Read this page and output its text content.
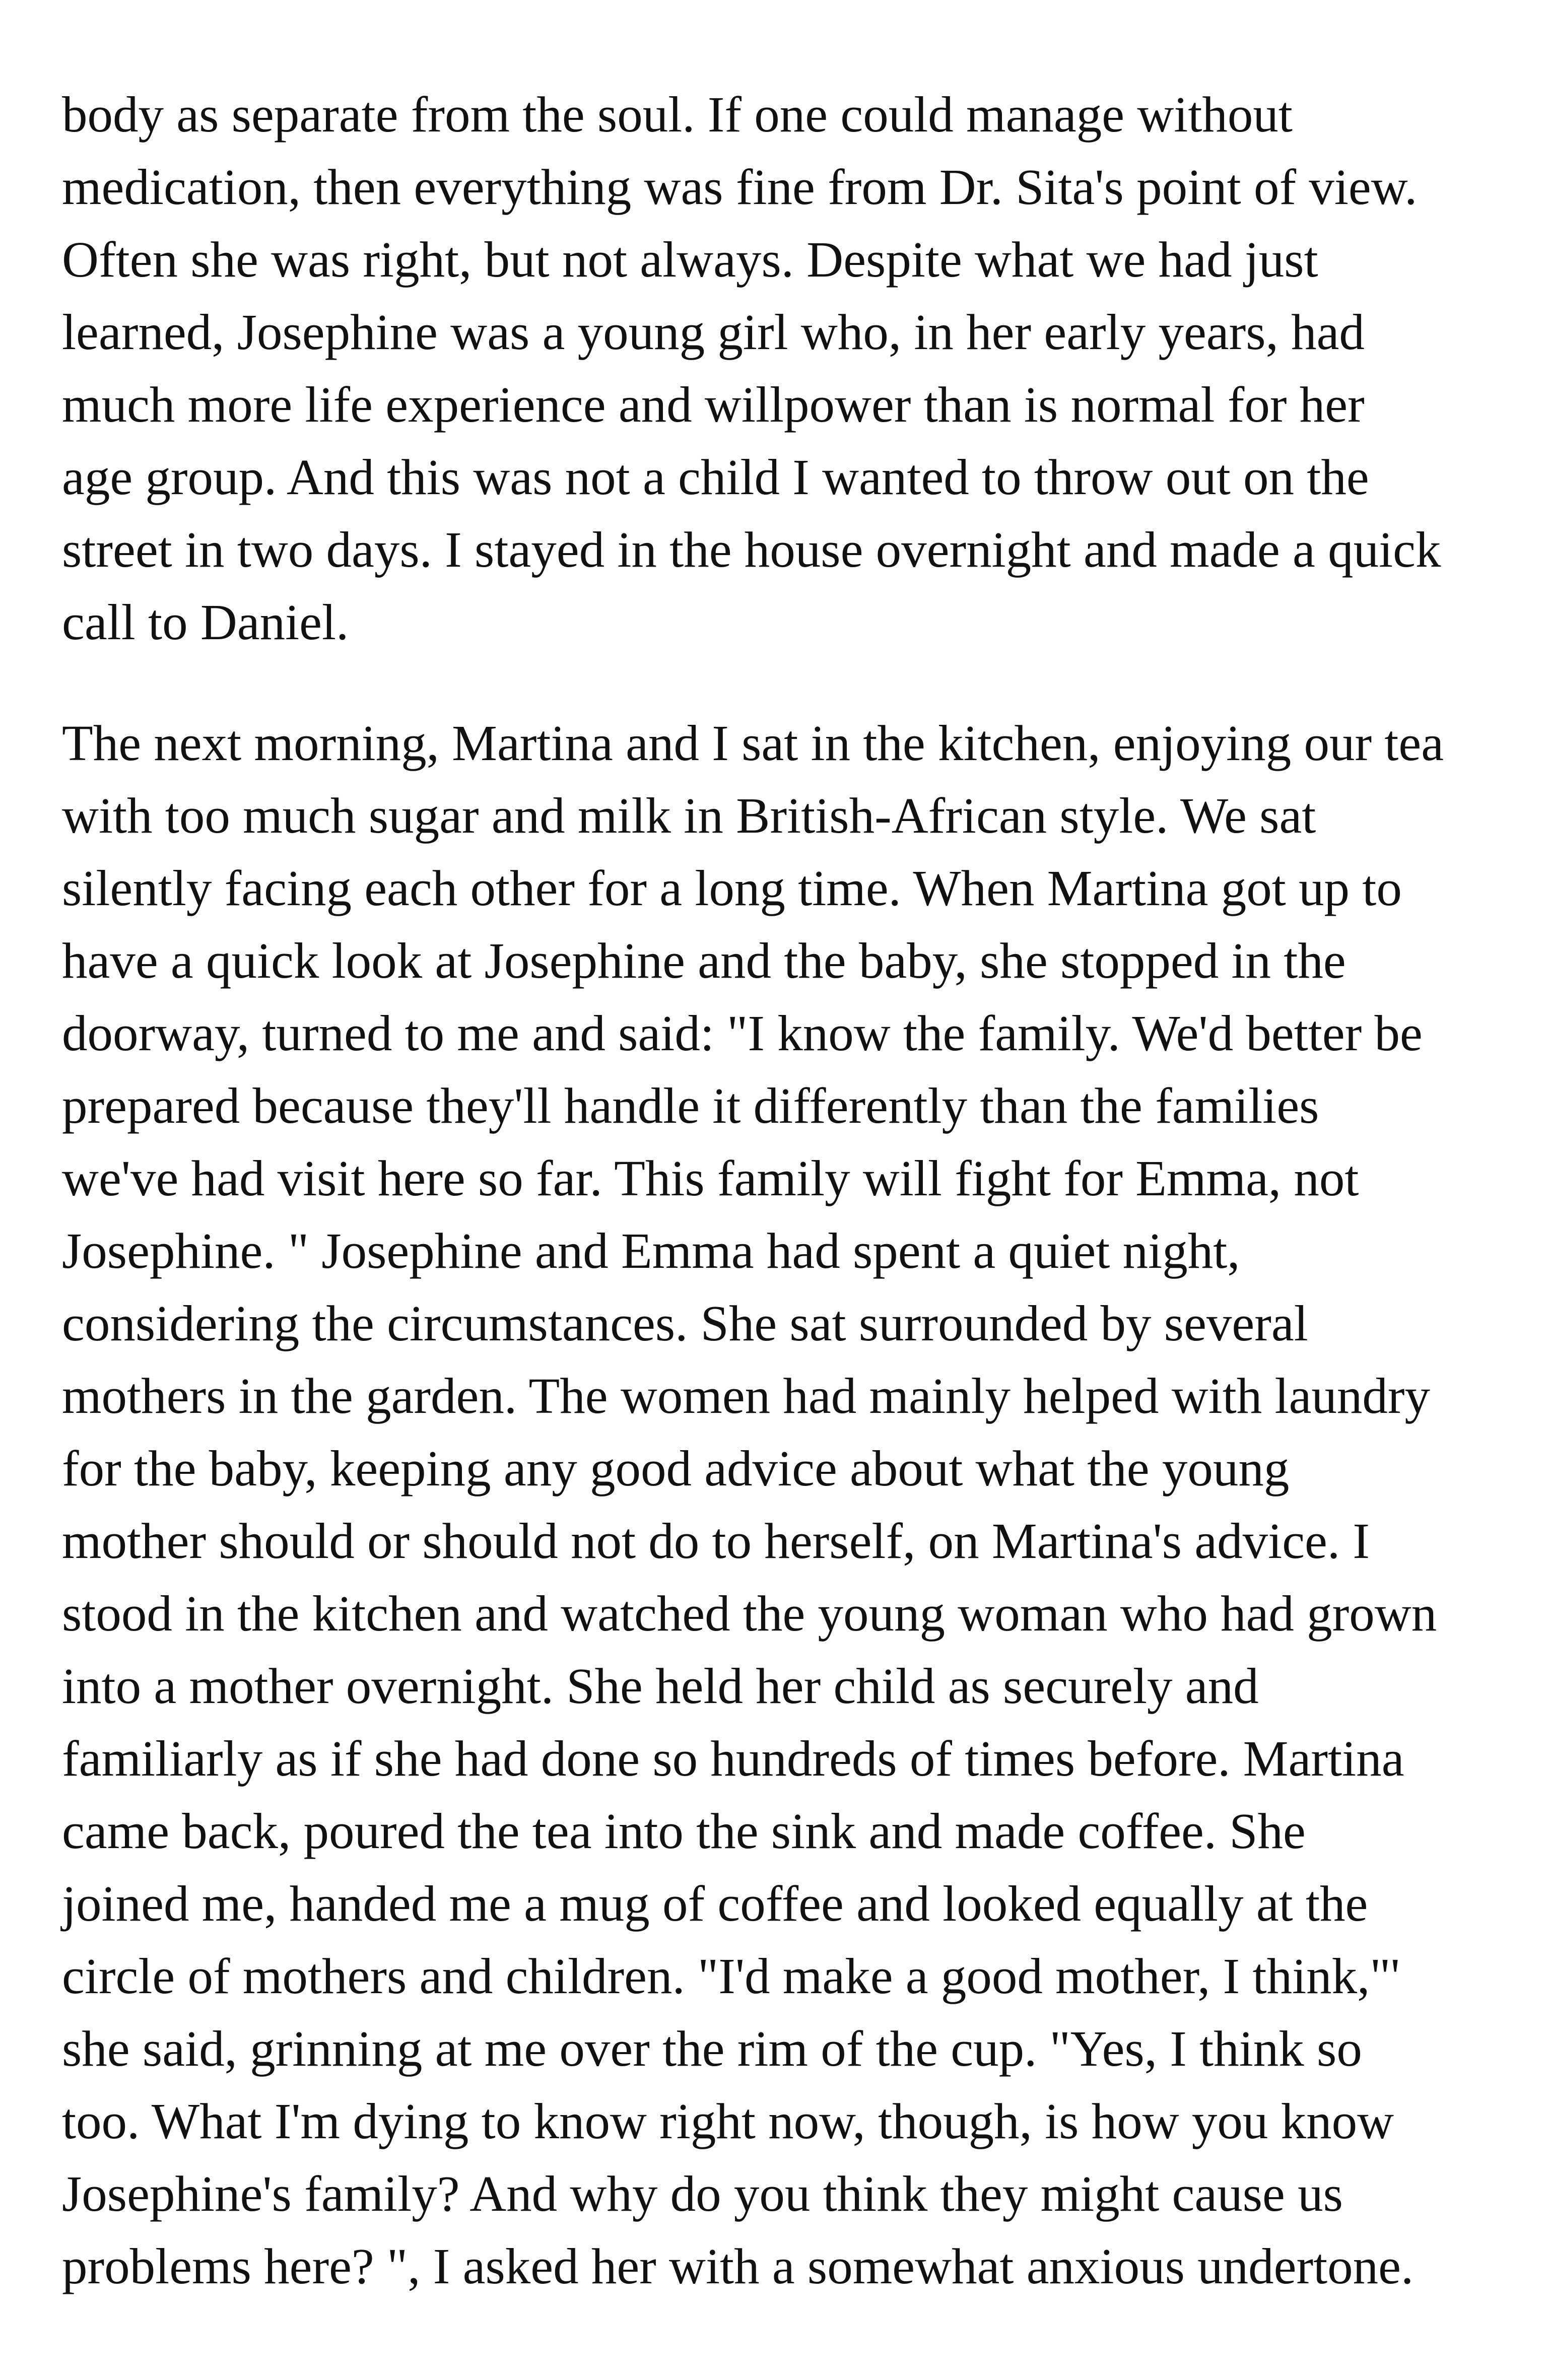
body as separate from the soul. If one could manage without
medication, then everything was fine from Dr. Sita's point of view.
Often she was right, but not always. Despite what we had just
learned, Josephine was a young girl who, in her early years, had
much more life experience and willpower than is normal for her
age group. And this was not a child I wanted to throw out on the
street in two days. I stayed in the house overnight and made a quick
call to Daniel.
The next morning, Martina and I sat in the kitchen, enjoying our tea
with too much sugar and milk in British-African style. We sat
silently facing each other for a long time. When Martina got up to
have a quick look at Josephine and the baby, she stopped in the
doorway, turned to me and said: "I know the family. We'd better be
prepared because they'll handle it differently than the families
we've had visit here so far. This family will fight for Emma, not
Josephine. " Josephine and Emma had spent a quiet night,
considering the circumstances. She sat surrounded by several
mothers in the garden. The women had mainly helped with laundry
for the baby, keeping any good advice about what the young
mother should or should not do to herself, on Martina's advice. I
stood in the kitchen and watched the young woman who had grown
into a mother overnight. She held her child as securely and
familiarly as if she had done so hundreds of times before. Martina
came back, poured the tea into the sink and made coffee. She
joined me, handed me a mug of coffee and looked equally at the
circle of mothers and children. "I'd make a good mother, I think,"'
she said, grinning at me over the rim of the cup. "Yes, I think so
too. What I'm dying to know right now, though, is how you know
Josephine's family? And why do you think they might cause us
problems here? ", I asked her with a somewhat anxious undertone.
